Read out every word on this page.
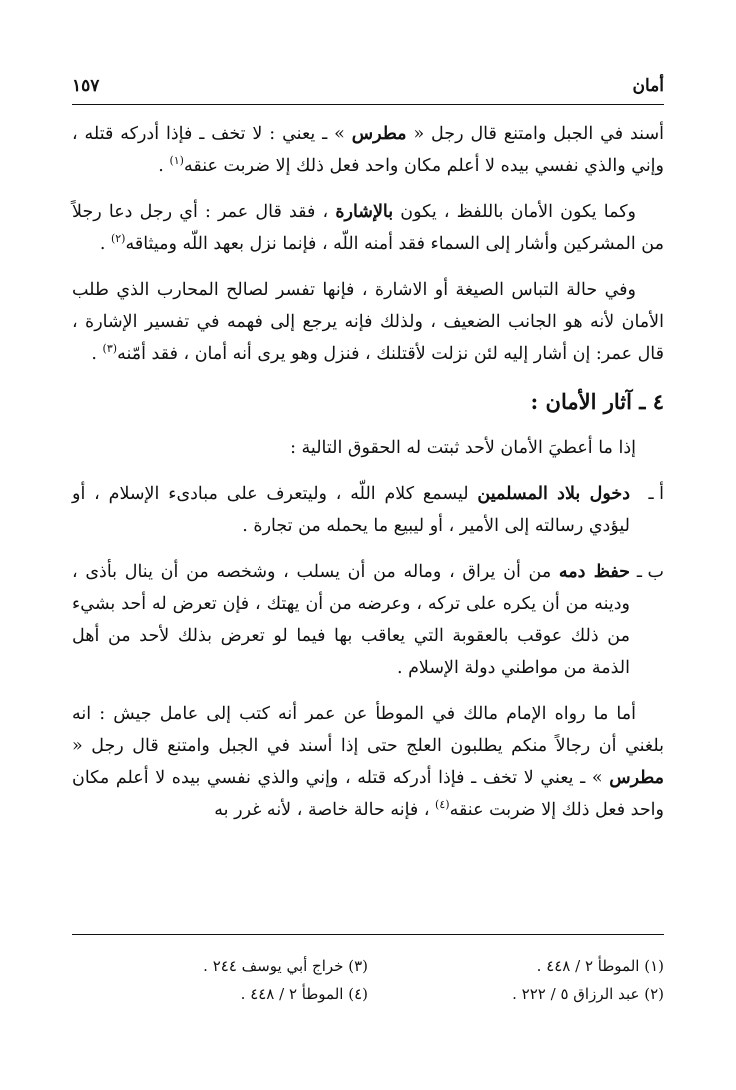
أمان
١٥٧

أسند في الجبل وامتنع قال رجل « مطرس » ـ يعني : لا تخف ـ فإذا أدركه قتله ، وإني والذي نفسي بيده لا أعلم مكان واحد فعل ذلك إلا ضربت عنقه$^{(١)}$ .

وكما يكون الأمان باللفظ ، يكون بالإشارة ، فقد قال عمر : أي رجل دعا رجلاً من المشركين وأشار إلى السماء فقد أمنه اللّه ، فإنما نزل بعهد اللّه وميثاقه$^{(٢)}$ .

وفي حالة التباس الصيغة أو الاشارة ، فإنها تفسر لصالح المحارب الذي طلب الأمان لأنه هو الجانب الضعيف ، ولذلك فإنه يرجع إلى فهمه في تفسير الإشارة ، قال عمر: إن أشار إليه لئن نزلت لأقتلنك ، فنزل وهو يرى أنه أمان ، فقد أمّنه$^{(٣)}$ .

٤ ـ آثار الأمان :

إذا ما أعطيَ الأمان لأحد ثبتت له الحقوق التالية :

أ ـ

دخول بلاد المسلمين ليسمع كلام اللّه ، وليتعرف على مبادىء الإسلام ، أو ليؤدي رسالته إلى الأمير ، أو ليبيع ما يحمله من تجارة .

ب ـ

حفظ دمه من أن يراق ، وماله من أن يسلب ، وشخصه من أن ينال بأذى ، ودينه من أن يكره على تركه ، وعرضه من أن يهتك ، فإن تعرض له أحد بشيء من ذلك عوقب بالعقوبة التي يعاقب بها فيما لو تعرض بذلك لأحد من أهل الذمة من مواطني دولة الإسلام .

أما ما رواه الإمام مالك في الموطأ عن عمر أنه كتب إلى عامل جيش : انه بلغني أن رجالاً منكم يطلبون العلج حتى إذا أسند في الجبل وامتنع قال رجل « مطرس » ـ يعني لا تخف ـ فإذا أدركه قتله ، وإني والذي نفسي بيده لا أعلم مكان واحد فعل ذلك إلا ضربت عنقه$^{(٤)}$ ، فإنه حالة خاصة ، لأنه غرر به

(١) الموطأ ٢ / ٤٤٨ .
(٣) خراج أبي يوسف ٢٤٤ .
(٢) عبد الرزاق ٥ / ٢٢٢ .
(٤) الموطأ ٢ / ٤٤٨ .
